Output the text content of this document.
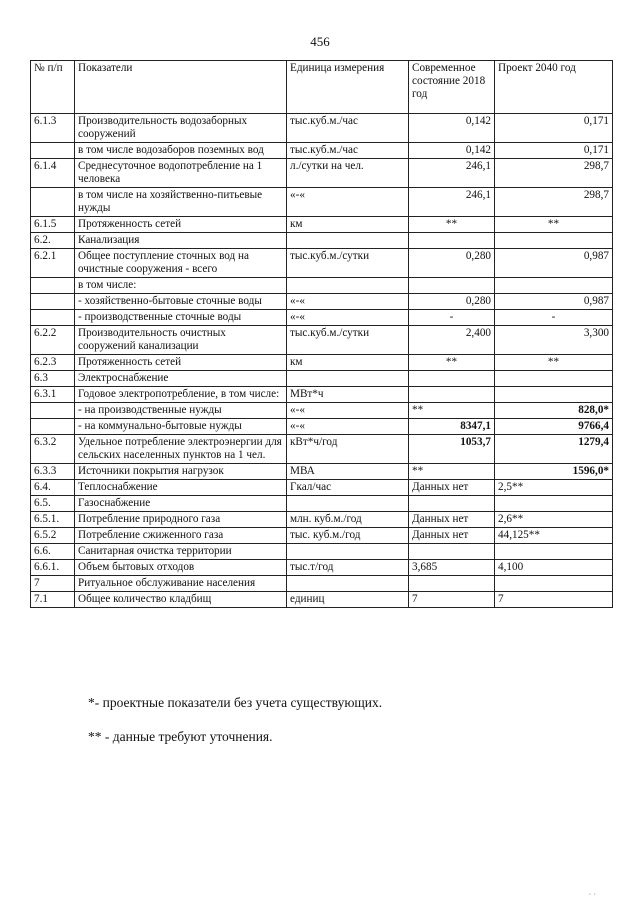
456
№ п/п	Показатели	Единица измерения	Современное состояние 2018 год	Проект 2040 год
6.1.3	Производительность водозаборных сооружений	тыс.куб.м./час	0,142	0,171
	в том числе водозаборов поземных вод	тыс.куб.м./час	0,142	0,171
6.1.4	Среднесуточное водопотребление на 1 человека	л./сутки на чел.	246,1	298,7
	в том числе на хозяйственно-питьевые нужды	«-«	246,1	298,7
6.1.5	Протяженность сетей	км	**	**
6.2.	Канализация			
6.2.1	Общее поступление сточных вод на очистные сооружения - всего	тыс.куб.м./сутки	0,280	0,987
	в том числе:			
	- хозяйственно-бытовые сточные воды	«-«	0,280	0,987
	- производственные сточные воды	«-«	-	-
6.2.2	Производительность очистных сооружений канализации	тыс.куб.м./сутки	2,400	3,300
6.2.3	Протяженность сетей	км	**	**
6.3	Электроснабжение			
6.3.1	Годовое электропотребление, в том числе:	МВт*ч		
	- на производственные нужды	«-«	**	828,0*
	- на коммунально-бытовые нужды	«-«	8347,1	9766,4
6.3.2	Удельное потребление электроэнергии для сельских населенных пунктов на 1 чел.	кВт*ч/год	1053,7	1279,4
6.3.3	Источники покрытия нагрузок	МВА	**	1596,0*
6.4.	Теплоснабжение	Гкал/час	Данных нет	2,5**
6.5.	Газоснабжение			
6.5.1.	Потребление природного газа	млн. куб.м./год	Данных нет	2,6**
6.5.2	Потребление сжиженного газа	тыс. куб.м./год	Данных нет	44,125**
6.6.	Санитарная очистка территории			
6.6.1.	Объем бытовых отходов	тыс.т/год	3,685	4,100
7	Ритуальное обслуживание населения			
7.1	Общее количество кладбищ	единиц	7	7
*- проектные показатели без учета существующих.
** - данные требуют уточнения.
· ·
